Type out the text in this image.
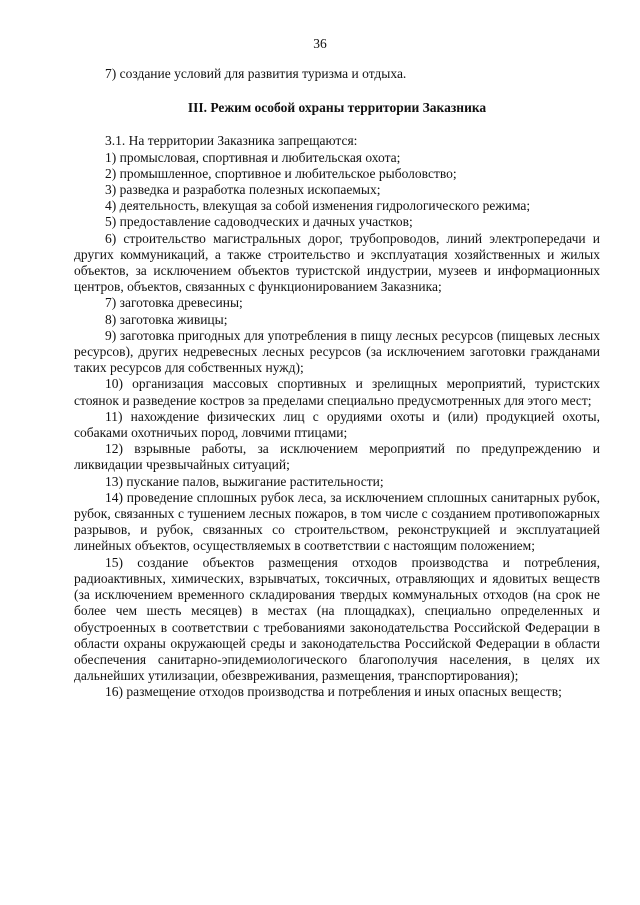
36

7) создание условий для развития туризма и отдыха.

III. Режим особой охраны территории Заказника

3.1. На территории Заказника запрещаются:

1) промысловая, спортивная и любительская охота;

2) промышленное, спортивное и любительское рыболовство;

3) разведка и разработка полезных ископаемых;

4) деятельность, влекущая за собой изменения гидрологического режима;

5) предоставление садоводческих и дачных участков;

6) строительство магистральных дорог, трубопроводов, линий электропередачи и других коммуникаций, а также строительство и эксплуатация хозяйственных и жилых объектов, за исключением объектов туристской индустрии, музеев и информационных центров, объектов, связанных с функционированием Заказника;

7) заготовка древесины;

8) заготовка живицы;

9) заготовка пригодных для употребления в пищу лесных ресурсов (пищевых лесных ресурсов), других недревесных лесных ресурсов (за исключением заготовки гражданами таких ресурсов для собственных нужд);

10) организация массовых спортивных и зрелищных мероприятий, туристских стоянок и разведение костров за пределами специально предусмотренных для этого мест;

11) нахождение физических лиц с орудиями охоты и (или) продукцией охоты, собаками охотничьих пород, ловчими птицами;

12) взрывные работы, за исключением мероприятий по предупреждению и ликвидации чрезвычайных ситуаций;

13) пускание палов, выжигание растительности;

14) проведение сплошных рубок леса, за исключением сплошных санитарных рубок, рубок, связанных с тушением лесных пожаров, в том числе с созданием противопожарных разрывов, и рубок, связанных со строительством, реконструкцией и эксплуатацией линейных объектов, осуществляемых в соответствии с настоящим положением;

15) создание объектов размещения отходов производства и потребления, радиоактивных, химических, взрывчатых, токсичных, отравляющих и ядовитых веществ (за исключением временного складирования твердых коммунальных отходов (на срок не более чем шесть месяцев) в местах (на площадках), специально определенных и обустроенных в соответствии с требованиями законодательства Российской Федерации в области охраны окружающей среды и законодательства Российской Федерации в области обеспечения санитарно-эпидемиологического благополучия населения, в целях их дальнейших утилизации, обезвреживания, размещения, транспортирования);

16) размещение отходов производства и потребления и иных опасных веществ;
